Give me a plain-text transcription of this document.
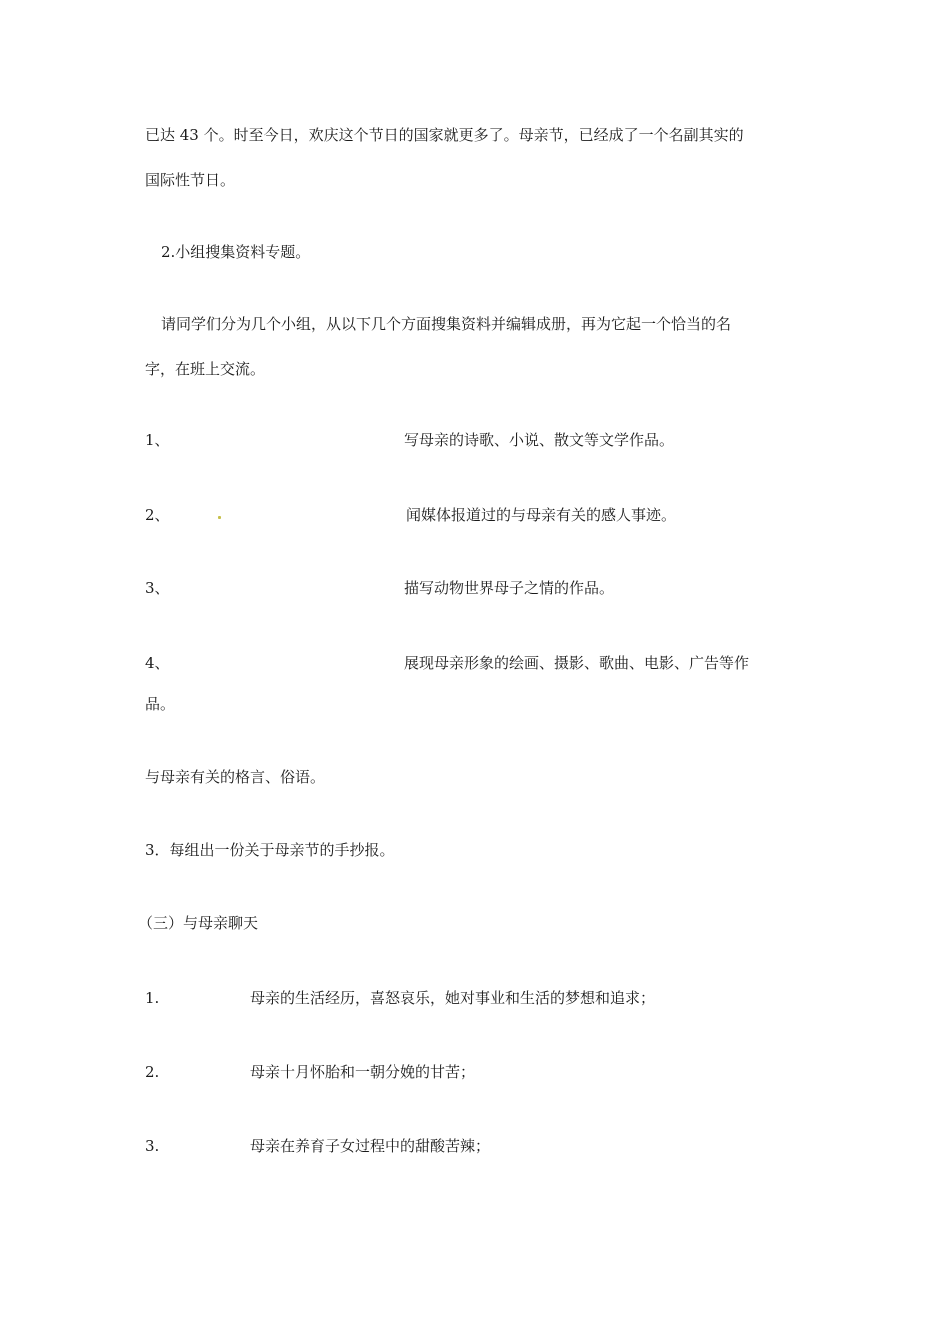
已达 43 个。时至今日，欢庆这个节日的国家就更多了。母亲节，已经成了一个名副其实的
国际性节日。
2.小组搜集资料专题。
请同学们分为几个小组，从以下几个方面搜集资料并编辑成册，再为它起一个恰当的名
字，在班上交流。
1、	写母亲的诗歌、小说、散文等文学作品。
2、	闻媒体报道过的与母亲有关的感人事迹。
3、	描写动物世界母子之情的作品。
4、	展现母亲形象的绘画、摄影、歌曲、电影、广告等作
品。
与母亲有关的格言、俗语。
3．每组出一份关于母亲节的手抄报。
（三）与母亲聊天
1.	母亲的生活经历，喜怒哀乐，她对事业和生活的梦想和追求；
2.	母亲十月怀胎和一朝分娩的甘苦；
3.	母亲在养育子女过程中的甜酸苦辣；
